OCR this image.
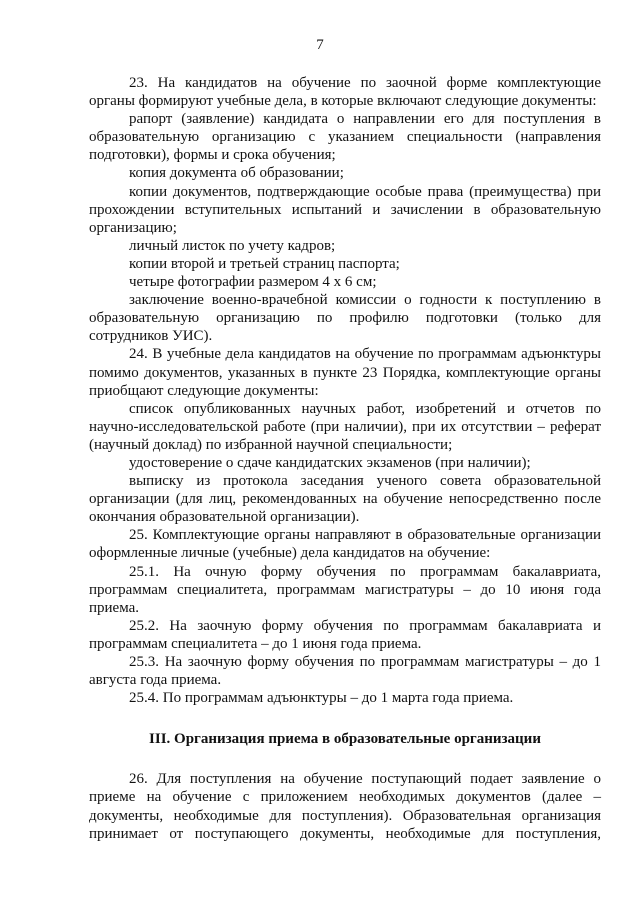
7

23. На кандидатов на обучение по заочной форме комплектующие органы формируют учебные дела, в которые включают следующие документы:

рапорт (заявление) кандидата о направлении его для поступления в образовательную организацию с указанием специальности (направления подготовки), формы и срока обучения;

копия документа об образовании;

копии документов, подтверждающие особые права (преимущества) при прохождении вступительных испытаний и зачислении в образовательную организацию;

личный листок по учету кадров;

копии второй и третьей страниц паспорта;

четыре фотографии размером 4 х 6 см;

заключение военно-врачебной комиссии о годности к поступлению в образовательную организацию по профилю подготовки (только для сотрудников УИС).

24. В учебные дела кандидатов на обучение по программам адъюнктуры помимо документов, указанных в пункте 23 Порядка, комплектующие органы приобщают следующие документы:

список опубликованных научных работ, изобретений и отчетов по научно-исследовательской работе (при наличии), при их отсутствии – реферат (научный доклад) по избранной научной специальности;

удостоверение о сдаче кандидатских экзаменов (при наличии);

выписку из протокола заседания ученого совета образовательной организации (для лиц, рекомендованных на обучение непосредственно после окончания образовательной организации).

25. Комплектующие органы направляют в образовательные организации оформленные личные (учебные) дела кандидатов на обучение:

25.1. На очную форму обучения по программам бакалавриата, программам специалитета, программам магистратуры – до 10 июня года приема.

25.2. На заочную форму обучения по программам бакалавриата и программам специалитета – до 1 июня года приема.

25.3. На заочную форму обучения по программам магистратуры – до 1 августа года приема.

25.4. По программам адъюнктуры – до 1 марта года приема.

III. Организация приема в образовательные организации

26. Для поступления на обучение поступающий подает заявление о приеме на обучение с приложением необходимых документов (далее – документы, необходимые для поступления). Образовательная организация принимает от поступающего документы, необходимые для поступления,
